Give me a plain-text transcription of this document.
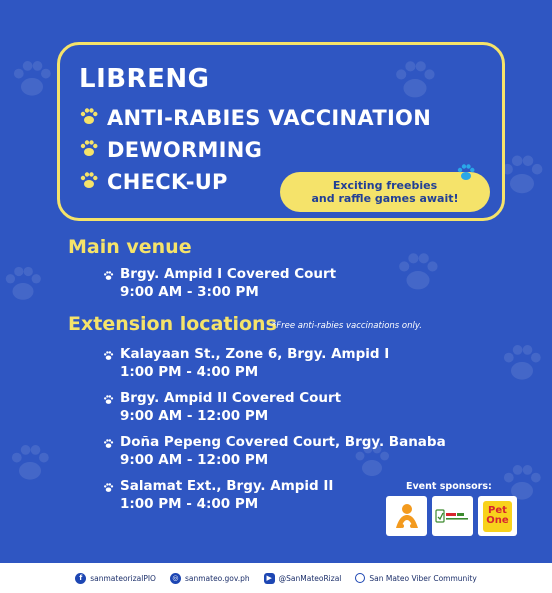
LIBRENG
ANTI-RABIES VACCINATION
DEWORMING
CHECK-UP	Exciting freebies
and raffle games await!
Main venue
Brgy. Ampid I Covered Court
9:00 AM - 3:00 PM
Extension locations
*Free anti-rabies vaccinations only.
Kalayaan St., Zone 6, Brgy. Ampid I
1:00 PM - 4:00 PM
Brgy. Ampid II Covered Court
9:00 AM - 12:00 PM
Doña Pepeng Covered Court, Brgy. Banaba
9:00 AM - 12:00 PM
Salamat Ext., Brgy. Ampid II
1:00 PM - 4:00 PM
Event sponsors:
Pet
One
f	sanmateorizalPIO	◎ sanmateo.gov.ph	▶ @SanMateoRizal	San Mateo Viber Community
